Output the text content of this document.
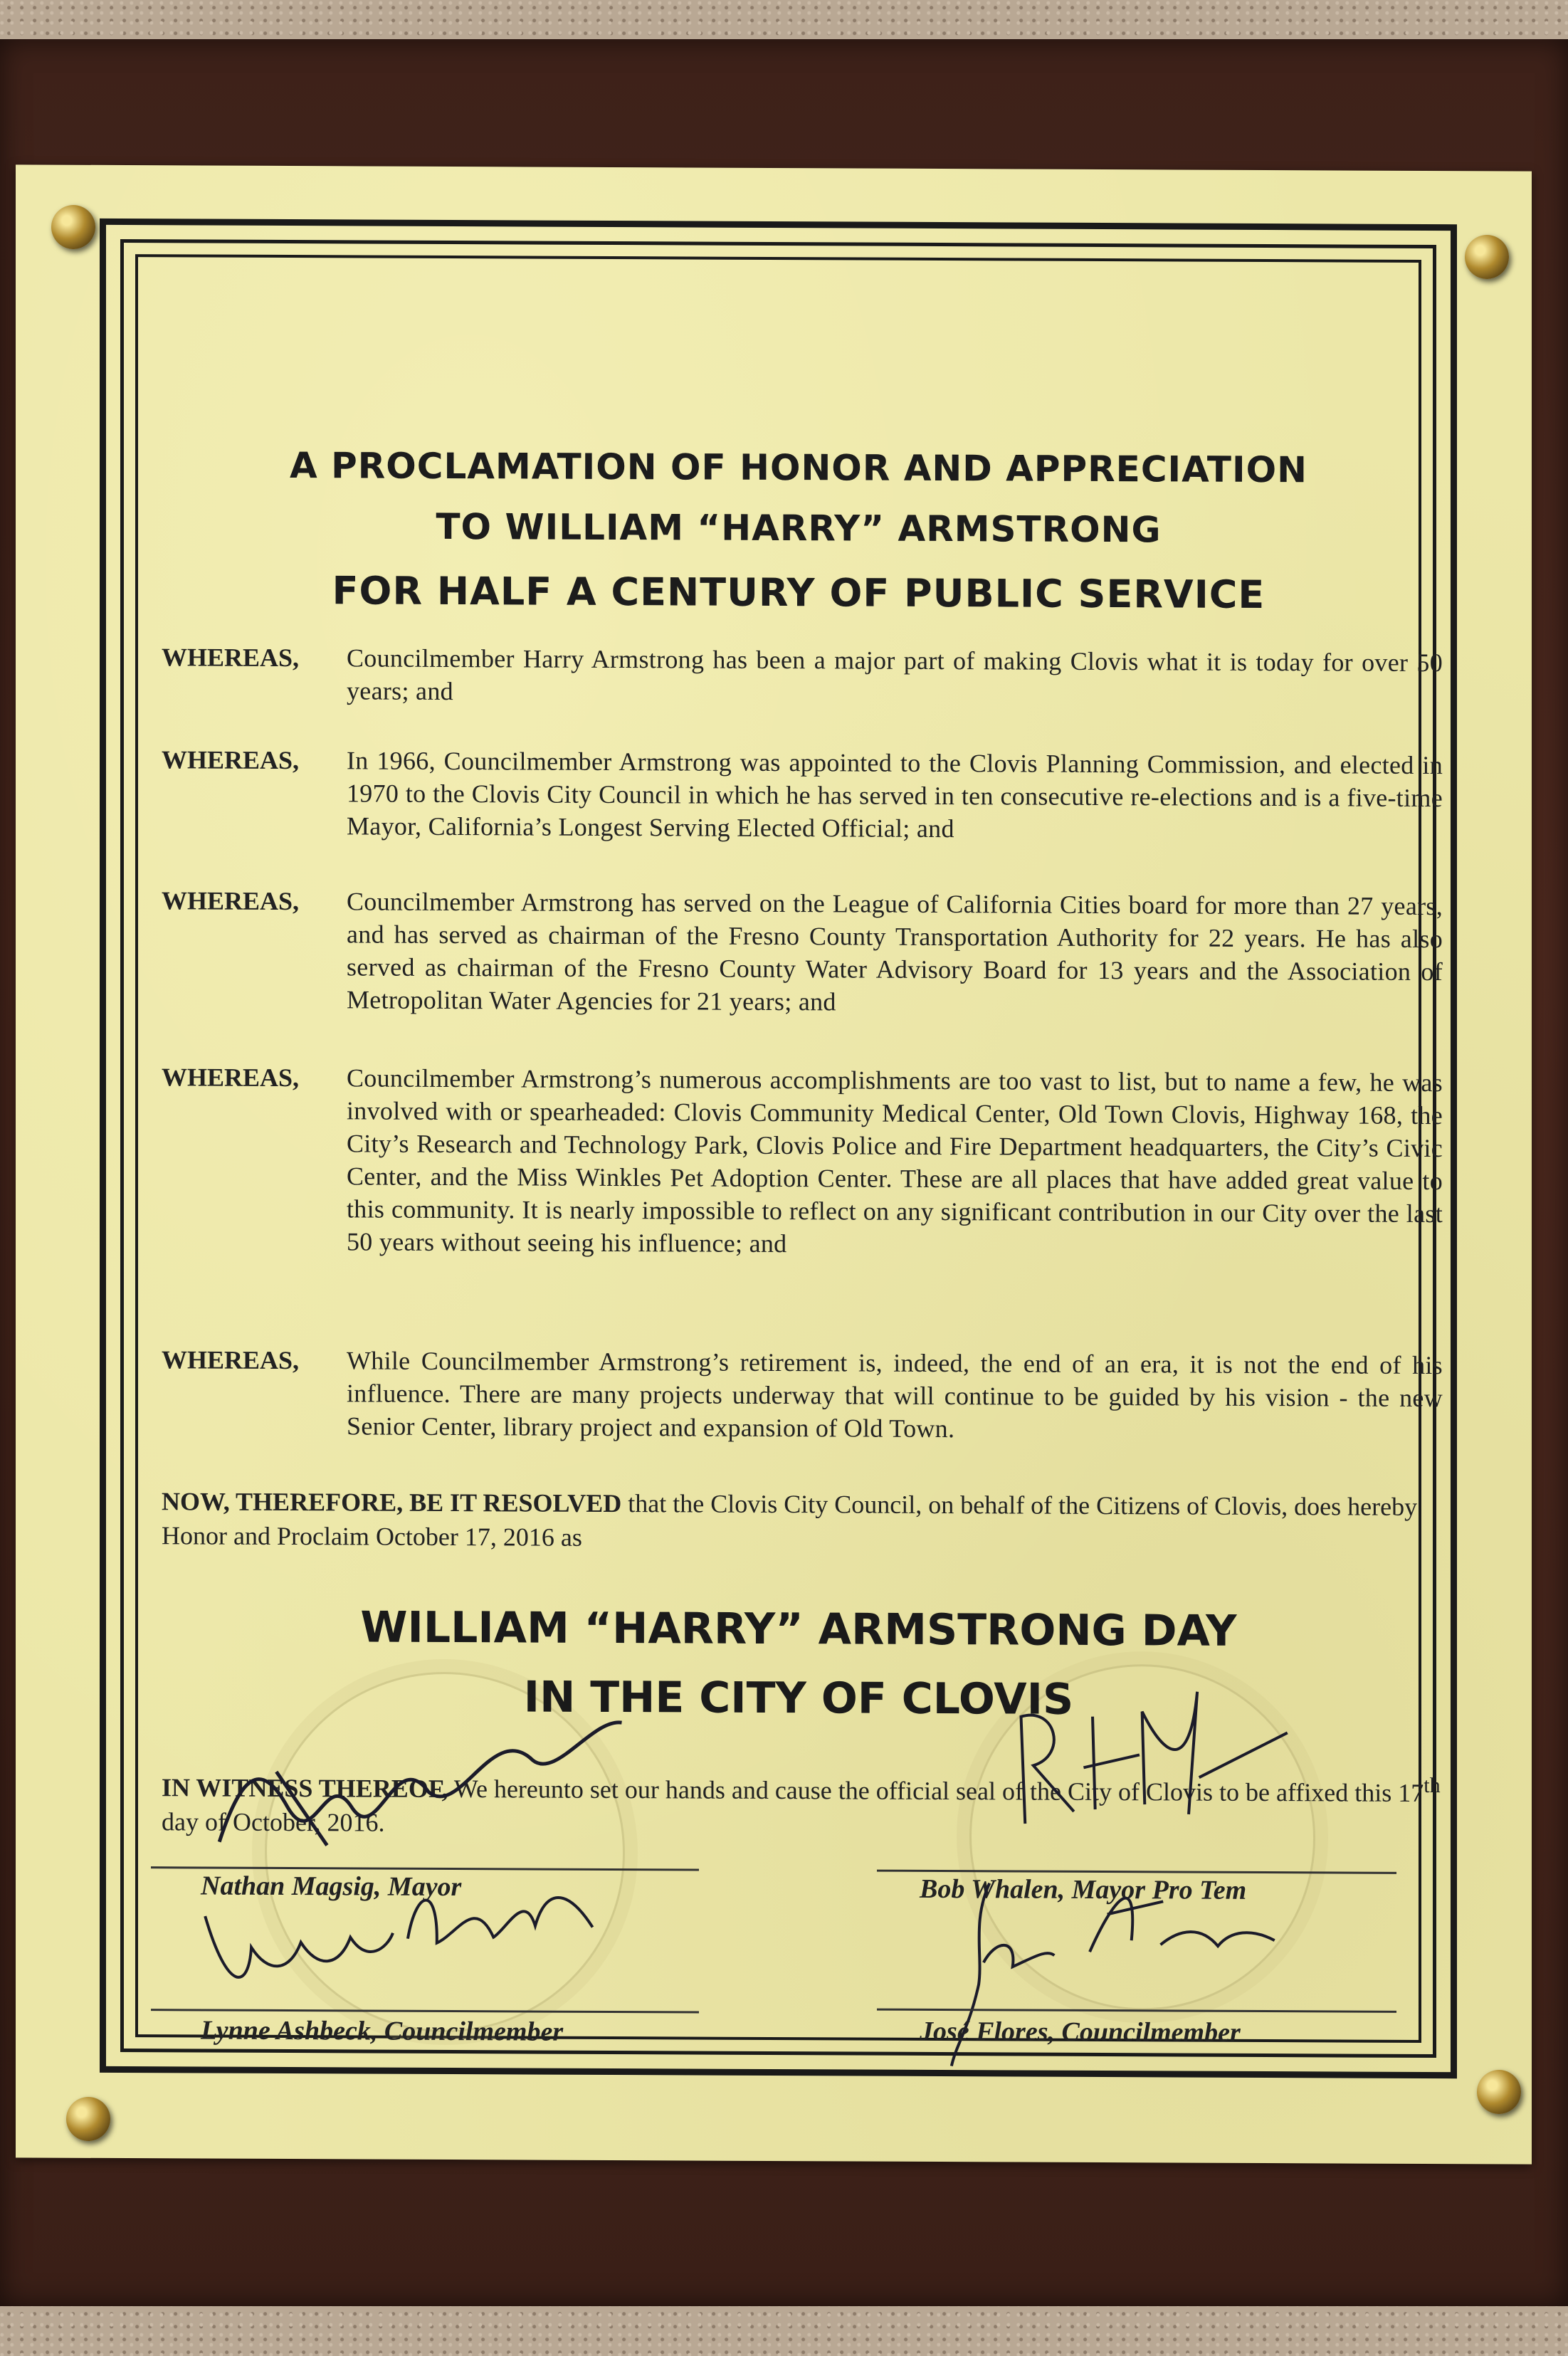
A PROCLAMATION OF HONOR AND APPRECIATION
TO WILLIAM “HARRY” ARMSTRONG
FOR HALF A CENTURY OF PUBLIC SERVICE
WHEREAS,	Councilmember Harry Armstrong has been a major part of making Clovis what it is today for over 50 years; and
WHEREAS,	In 1966, Councilmember Armstrong was appointed to the Clovis Planning Commission, and elected in 1970 to the Clovis City Council in which he has served in ten consecutive re-elections and is a five-time Mayor, California’s Longest Serving Elected Official; and
WHEREAS,	Councilmember Armstrong has served on the League of California Cities board for more than 27 years, and has served as chairman of the Fresno County Transportation Authority for 22 years. He has also served as chairman of the Fresno County Water Advisory Board for 13 years and the Association of Metropolitan Water Agencies for 21 years; and
WHEREAS,	Councilmember Armstrong’s numerous accomplishments are too vast to list, but to name a few, he was involved with or spearheaded: Clovis Community Medical Center, Old Town Clovis, Highway 168, the City’s Research and Technology Park, Clovis Police and Fire Department headquarters, the City’s Civic Center, and the Miss Winkles Pet Adoption Center. These are all places that have added great value to this community. It is nearly impossible to reflect on any significant contribution in our City over the last 50 years without seeing his influence; and
WHEREAS,	While Councilmember Armstrong’s retirement is, indeed, the end of an era, it is not the end of his influence. There are many projects underway that will continue to be guided by his vision - the new Senior Center, library project and expansion of Old Town.
NOW, THEREFORE, BE IT RESOLVED that the Clovis City Council, on behalf of the Citizens of Clovis, does hereby Honor and Proclaim October 17, 2016 as
WILLIAM “HARRY” ARMSTRONG DAY
IN THE CITY OF CLOVIS
IN WITNESS THEREOF, We hereunto set our hands and cause the official seal of the City of Clovis to be affixed this 17th day of October, 2016.
Nathan Magsig, Mayor	Bob Whalen, Mayor Pro Tem
Lynne Ashbeck, Councilmember	José Flores, Councilmember
